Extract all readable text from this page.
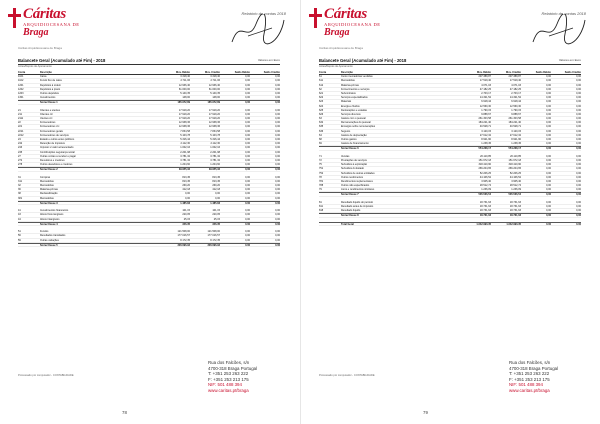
Cáritas
ARQUIDIOCESANA DE
Braga
Cáritas Arquidiocesana de Braga
Relatório de contas 2018
Balancete Geral (Acumulado até Fim) - 2018	Valores em Euro
Antes/Depois de Apuramento
Conta	Descrição	Mov. Débito	Mov. Crédito	Saldo Débito	Saldo Crédito
1101	Caixa	3.318,40	3.318,40	0,00	0,00
1102	Fundo fixo de caixa	2.711,06	2.711,06	0,00	0,00
1201	Depósitos à ordem	12.936,40	12.936,40	0,00	0,00
1202	Depósitos a prazo	61.000,00	61.000,00	0,00	0,00
1203	Outros depósitos	5.140,35	5.140,35	0,00	0,00
1301	Investimentos	148,00	148,00	0,00	0,00
Soma Classe 1	185.972,89	185.972,89	0,00	0,00
21	Clientes e utentes	17.919,20	17.919,20	0,00	0,00
211	Clientes c/c	17.919,20	17.919,20	0,00	0,00
2111	Utentes c/c	17.919,20	17.919,20	0,00	0,00
22	Fornecedores	12.938,36	12.938,36	0,00	0,00
221	Fornecedores c/c	12.938,36	12.938,36	0,00	0,00
2211	Fornecedores gerais	7.834,58	7.834,58	0,00	0,00
2212	Fornecedores de serviços	5.103,78	5.103,78	0,00	0,00
24	Estado e outros entes públicos	5.316,44	5.316,44	0,00	0,00
242	Retenção de impostos	2.112,30	2.112,30	0,00	0,00
243	Imposto s/ valor acrescentado	1.002,16	1.002,16	0,00	0,00
245	Contribuições segurança social	2.201,98	2.201,98	0,00	0,00
27	Outras contas a receber e pagar	3.781,32	3.781,32	0,00	0,00
272	Devedores e credores	3.781,32	3.781,32	0,00	0,00
278	Outros devedores e credores	1.204,60	1.204,60	0,00	0,00
Soma Classe 2	39.955,32	39.955,32	0,00	0,00
31	Compras	813,45	813,45	0,00	0,00
311	Mercadorias	813,45	813,45	0,00	0,00
32	Mercadorias	260,20	260,20	0,00	0,00
36	Matérias-primas	412,18	412,18	0,00	0,00
38	Reclassificação	0,00	0,00	0,00	0,00
381	Mercadorias	0,00	0,00	0,00	0,00
Soma Classe 3	1.485,83	1.485,83	0,00	0,00
41	Investimentos financeiros	101,15	101,15	0,00	0,00
43	Ativos fixos tangíveis	220,05	220,05	0,00	0,00
44	Ativos intangíveis	25,15	25,15	0,00	0,00
Soma Classe 4	346,35	346,35	0,00	0,00
51	Fundos	121.508,00	121.508,00	0,00	0,00
56	Resultados transitados	177.016,57	177.016,57	0,00	0,00
59	Outras variações	8.172,35	8.172,35	0,00	0,00
Soma Classe 5	306.696,92	306.696,92	0,00	0,00
Processado por computador - CONTABILIDADE
78
Rua dos Falcões, s/n
4700-318 Braga Portugal
T: +351 253 263 222
F: +351 253 213 175
NIF: 501 488 394
www.caritas.pt/braga
Cáritas
ARQUIDIOCESANA DE
Braga
Cáritas Arquidiocesana de Braga
Relatório de contas 2018
Balancete Geral (Acumulado até Fim) - 2018	Valores em Euro
Antes/Depois de Apuramento
Conta	Descrição	Mov. Débito	Mov. Crédito	Saldo Débito	Saldo Crédito
61	Custo mercadorias vendidas	207.389,87	207.389,87	0,00	0,00
611	Mercadorias	17.519,40	17.519,40	0,00	0,00
612	Matérias-primas	4.071,03	4.071,03	0,00	0,00
62	Fornecimentos e serviços	47.182,25	47.182,25	0,00	0,00
621	Subcontratos	2.703,17	2.703,17	0,00	0,00
622	Serviços especializados	14.321,52	14.321,52	0,00	0,00
623	Materiais	6.918,44	6.918,44	0,00	0,00
624	Energia e fluidos	12.560,30	12.560,30	0,00	0,00
625	Deslocações e estadas	1.790,15	1.790,15	0,00	0,00
626	Serviços diversos	9.888,67	9.888,67	0,00	0,00
63	Gastos com o pessoal	261.303,58	261.303,58	0,00	0,00
632	Remunerações do pessoal	184.221,40	184.221,40	0,00	0,00
635	Encargos sobre remunerações	40.528,71	40.528,71	0,00	0,00
636	Seguros	3.120,15	3.120,15	0,00	0,00
64	Gastos de depreciação	27.612,32	27.612,32	0,00	0,00
68	Outros gastos	8.921,90	8.921,90	0,00	0,00
69	Gastos de financiamento	1.238,45	1.238,45	0,00	0,00
Soma Classe 6	554.268,17	554.268,17	0,00	0,00
71	Vendas	20.110,85	20.110,85	0,00	0,00
72	Prestações de serviços	151.672,18	151.672,18	0,00	0,00
75	Subsídios à exploração	318.410,90	318.410,90	0,00	0,00
751	Subsídios do Estado	266.204,65	266.204,65	0,00	0,00
752	Subsídios de outras entidades	52.206,25	52.206,25	0,00	0,00
78	Outros rendimentos	44.106,52	44.106,52	0,00	0,00
781	Rendimentos suplementares	3.905,40	3.905,40	0,00	0,00
788	Outros não especificados	28.512,74	28.512,74	0,00	0,00
79	Juros e rendimentos similares	1.236,09	1.236,09	0,00	0,00
Soma Classe 7	535.536,54	535.536,54	0,00	0,00
81	Resultado líquido do período	18.731,63	18.731,63	0,00	0,00
811	Resultado antes de impostos	18.731,63	18.731,63	0,00	0,00
818	Resultado líquido	18.731,63	18.731,63	0,00	0,00
Soma Classe 8	18.731,63	18.731,63	0,00	0,00
Total Geral	1.642.993,35	1.642.993,35	0,00	0,00
Processado por computador - CONTABILIDADE
79
Rua dos Falcões, s/n
4700-318 Braga Portugal
T: +351 253 263 222
F: +351 253 213 175
NIF: 501 488 394
www.caritas.pt/braga
